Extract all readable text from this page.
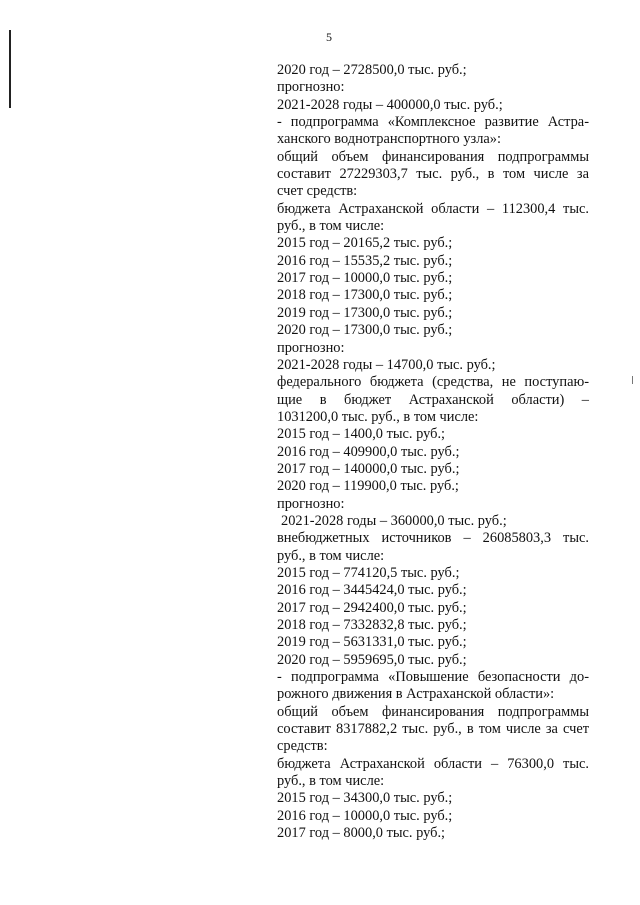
5
2020 год – 2728500,0 тыс. руб.;
прогнозно:
2021-2028 годы – 400000,0 тыс. руб.;
- подпрограмма «Комплексное развитие Астра-
ханского воднотранспортного узла»:
общий объем финансирования подпрограммы
составит 27229303,7 тыс. руб., в том числе за
счет средств:
бюджета Астраханской области – 112300,4 тыс.
руб., в том числе:
2015 год – 20165,2 тыс. руб.;
2016 год – 15535,2 тыс. руб.;
2017 год – 10000,0 тыс. руб.;
2018 год – 17300,0 тыс. руб.;
2019 год – 17300,0 тыс. руб.;
2020 год – 17300,0 тыс. руб.;
прогнозно:
2021-2028 годы – 14700,0 тыс. руб.;
федерального бюджета (средства, не поступаю-
щие в бюджет Астраханской области) –
1031200,0 тыс. руб., в том числе:
2015 год – 1400,0 тыс. руб.;
2016 год – 409900,0 тыс. руб.;
2017 год – 140000,0 тыс. руб.;
2020 год – 119900,0 тыс. руб.;
прогнозно:
2021-2028 годы – 360000,0 тыс. руб.;
внебюджетных источников – 26085803,3 тыс.
руб., в том числе:
2015 год – 774120,5 тыс. руб.;
2016 год – 3445424,0 тыс. руб.;
2017 год – 2942400,0 тыс. руб.;
2018 год – 7332832,8 тыс. руб.;
2019 год – 5631331,0 тыс. руб.;
2020 год – 5959695,0 тыс. руб.;
- подпрограмма «Повышение безопасности до-
рожного движения в Астраханской области»:
общий объем финансирования подпрограммы
составит 8317882,2 тыс. руб., в том числе за счет
средств:
бюджета Астраханской области – 76300,0 тыс.
руб., в том числе:
2015 год – 34300,0 тыс. руб.;
2016 год – 10000,0 тыс. руб.;
2017 год – 8000,0 тыс. руб.;
